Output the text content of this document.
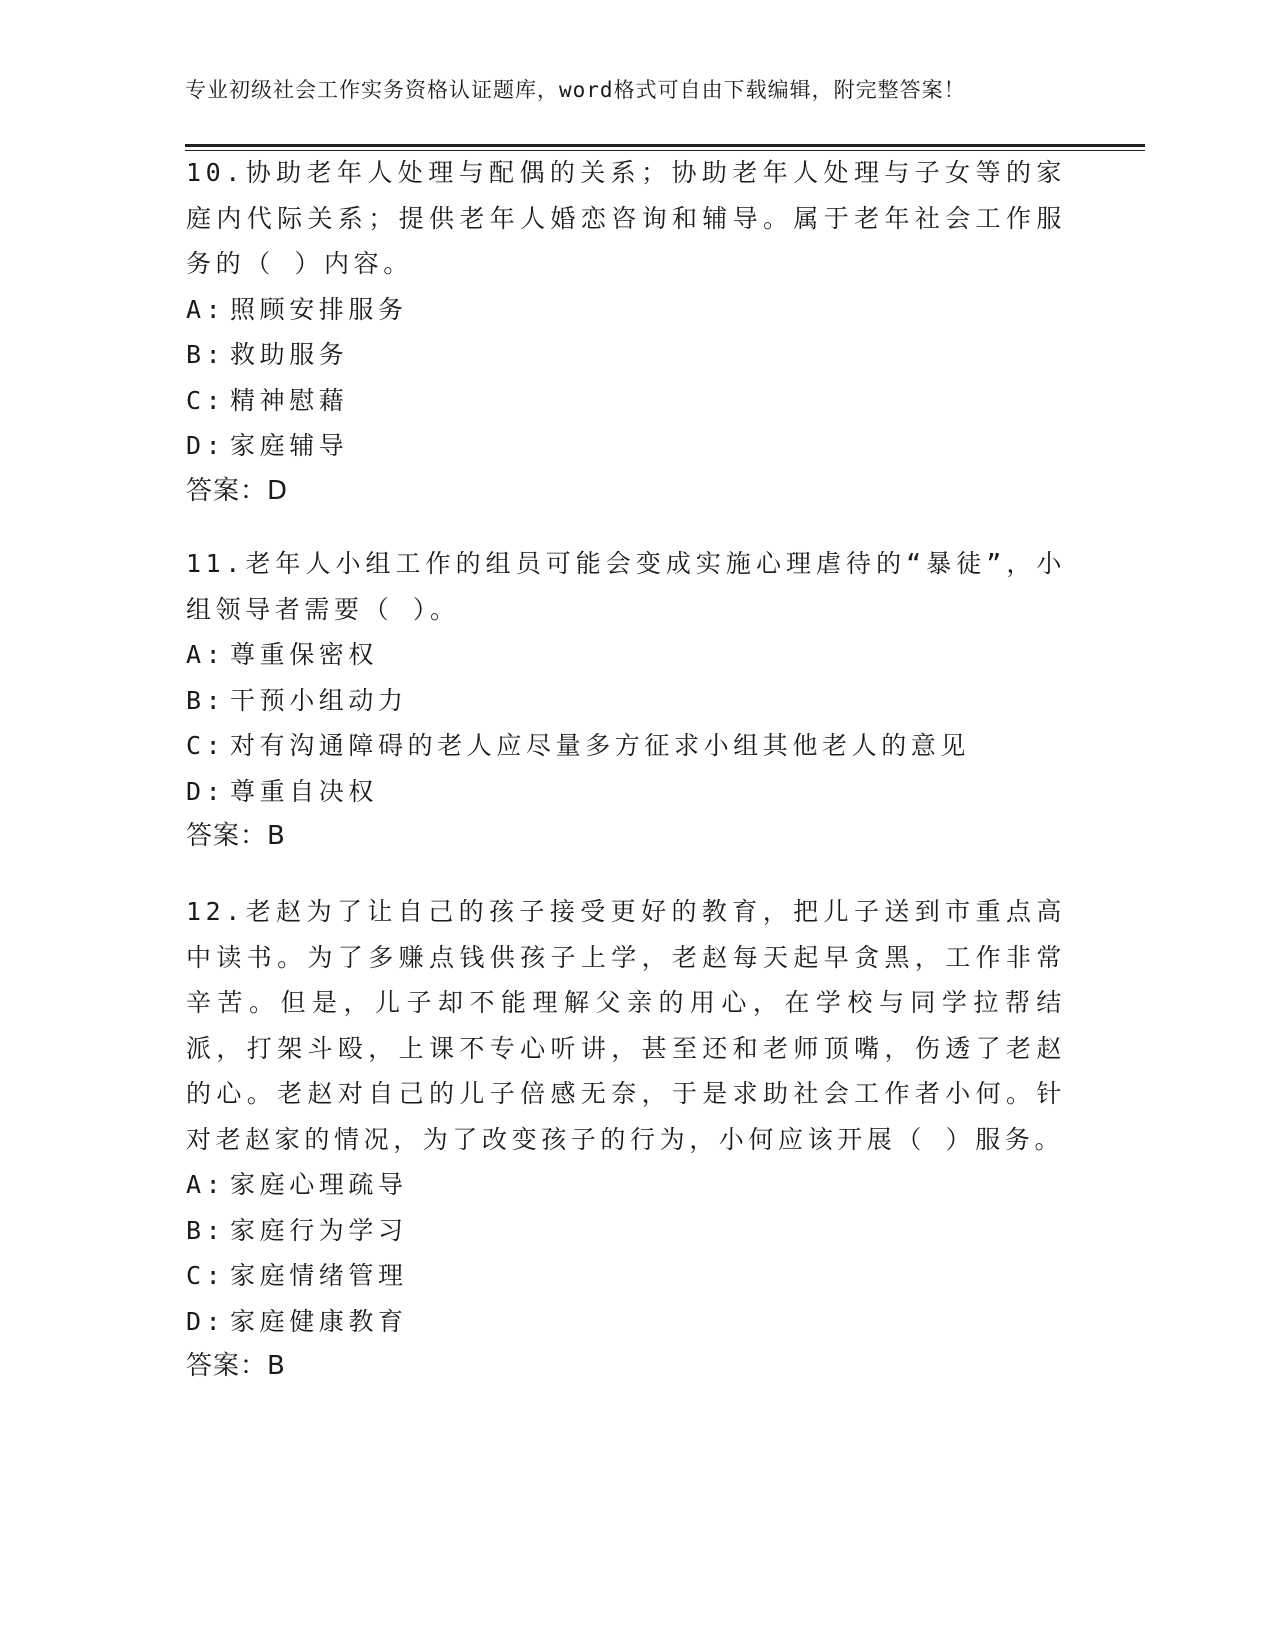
专业初级社会工作实务资格认证题库，word格式可自由下载编辑，附完整答案！

10.协助老年人处理与配偶的关系；协助老年人处理与子女等的家庭内代际关系；提供老年人婚恋咨询和辅导。属于老年社会工作服务的（ ）内容。

A: 照顾安排服务

B: 救助服务

C: 精神慰藉

D: 家庭辅导

答案：D

11.老年人小组工作的组员可能会变成实施心理虐待的“暴徒”，小组领导者需要（ ）。

A: 尊重保密权

B: 干预小组动力

C: 对有沟通障碍的老人应尽量多方征求小组其他老人的意见

D: 尊重自决权

答案：B

12.老赵为了让自己的孩子接受更好的教育，把儿子送到市重点高中读书。为了多赚点钱供孩子上学，老赵每天起早贪黑，工作非常辛苦。但是，儿子却不能理解父亲的用心，在学校与同学拉帮结派，打架斗殴，上课不专心听讲，甚至还和老师顶嘴，伤透了老赵的心。老赵对自己的儿子倍感无奈，于是求助社会工作者小何。针对老赵家的情况，为了改变孩子的行为，小何应该开展（ ）服务。

A: 家庭心理疏导

B: 家庭行为学习

C: 家庭情绪管理

D: 家庭健康教育

答案：B
